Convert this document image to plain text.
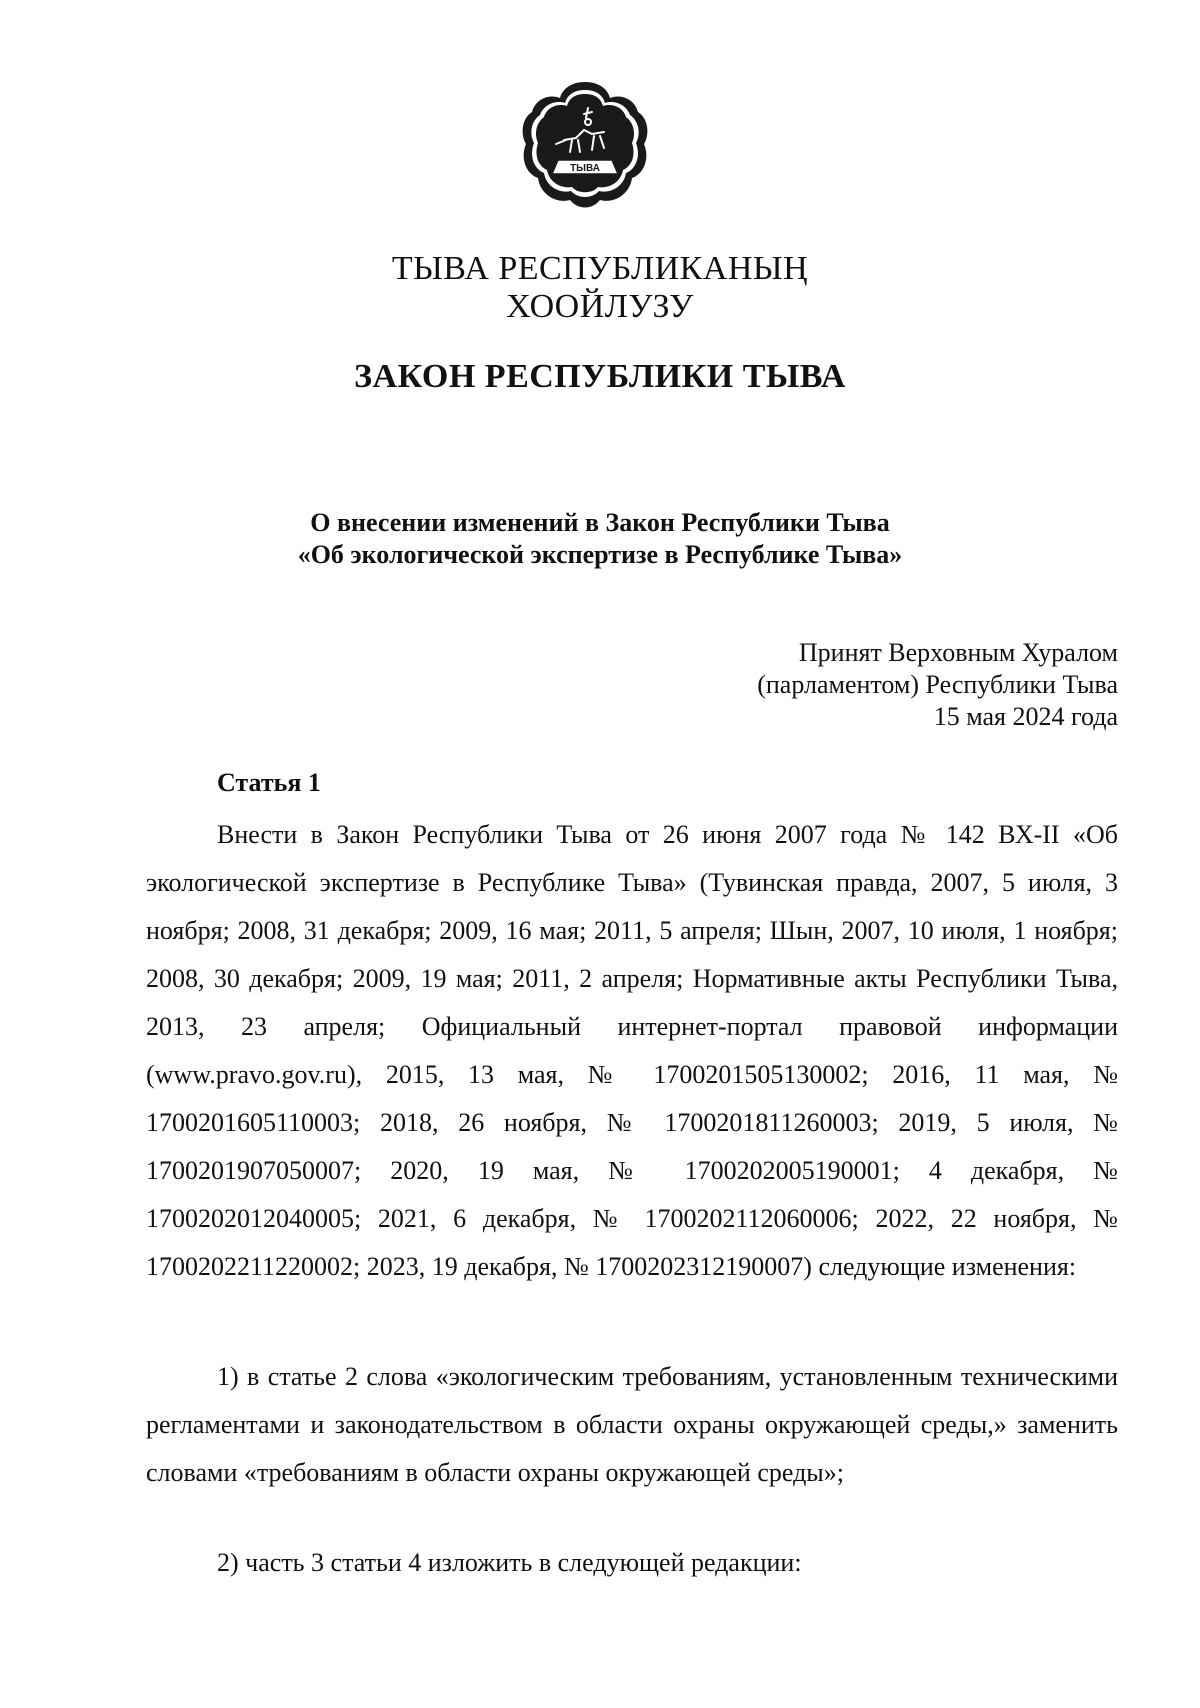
ТЫВА
ТЫВА РЕСПУБЛИКАНЫҢ
ХООЙЛУЗУ
ЗАКОН РЕСПУБЛИКИ ТЫВА
О внесении изменений в Закон Республики Тыва
«Об экологической экспертизе в Республике Тыва»
Принят Верховным Хуралом
(парламентом) Республики Тыва
15 мая 2024 года
Статья 1
Внести в Закон Республики Тыва от 26 июня 2007 года № 142 ВХ-II «Об экологической экспертизе в Республике Тыва» (Тувинская правда, 2007, 5 июля, 3 ноября; 2008, 31 декабря; 2009, 16 мая; 2011, 5 апреля; Шын, 2007, 10 июля, 1 ноября; 2008, 30 декабря; 2009, 19 мая; 2011, 2 апреля; Нормативные акты Республики Тыва, 2013, 23 апреля; Официальный интернет-портал правовой информации (www.pravo.gov.ru), 2015, 13 мая, № 1700201505130002; 2016, 11 мая, № 1700201605110003; 2018, 26 ноября, № 1700201811260003; 2019, 5 июля, № 1700201907050007; 2020, 19 мая, № 1700202005190001; 4 декабря, № 1700202012040005; 2021, 6 декабря, № 1700202112060006; 2022, 22 ноября, № 1700202211220002; 2023, 19 декабря, № 1700202312190007) следующие изменения:
1) в статье 2 слова «экологическим требованиям, установленным техническими регламентами и законодательством в области охраны окружающей среды,» заменить словами «требованиям в области охраны окружающей среды»;
2) часть 3 статьи 4 изложить в следующей редакции:
